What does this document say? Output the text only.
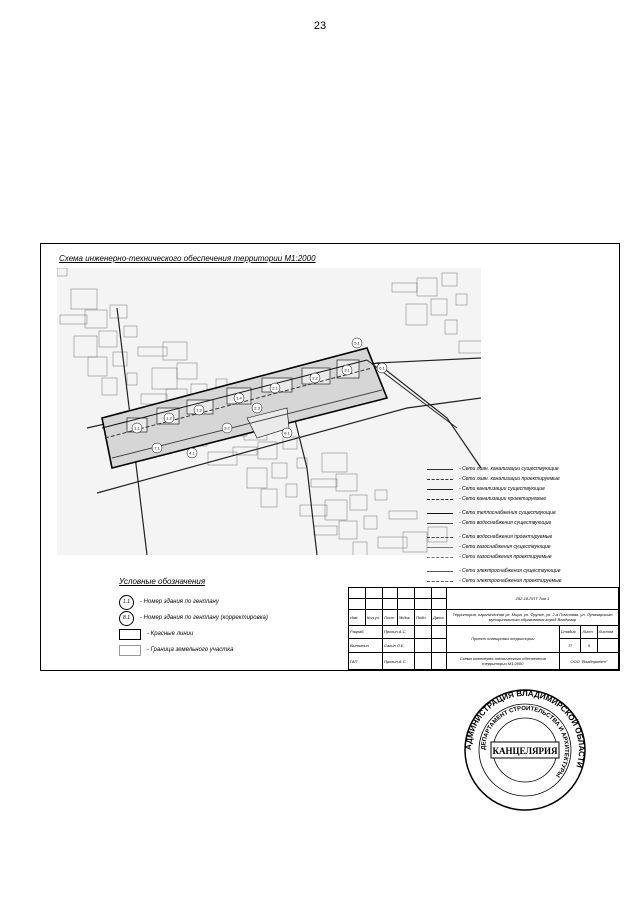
23
Схема инженерно-технического обеспечения территории М1:2000
1.1
1.2
1.3
1.4
2.1
2.2
3.1
4.1
5.1
6.1
7.1
8.1
2.3
3.2
- Сети ливн. канализации существующие
- Сети ливн. канализации проектируемые
- Сети канализации существующие
- Сети канализации проектируемые
- Сети теплоснабжения существующие
- Сети водоснабжения существующие
- Сети водоснабжения проектируемые
- Сети газоснабжения существующие
- Сети газоснабжения проектируемые
- Сети электроснабжения существующие
- Сети электроснабжения проектируемые
Условные обозначения
1.1	- Номер здания по генплану
8.1	- Номер здания по генплану (корректировка)
- Красные линии
- Граница земельного участка
						292-18-ППТ Том 1			

Изм.	Кол.уч.	Лист	№док.	Подп.	Дата	Территория, ограниченная ул. Мира, ул. Фрунзе, ул. 2-я Почтовая, ул. Луначарского муниципального образования город Владимир			
Разраб.		Прохин А.С.				Проект планировки территории	Стадия	Лист	Листов
Выполнил		Салин Л.Е.					П	5	
ГАП		Прохин А.С.				Схема инженерно-технического обеспечения территории М1:2000	ООО "Владпроект"		
АДМИНИСТРАЦИЯ ВЛАДИМИРСКОЙ ОБЛАСТИ
ДЕПАРТАМЕНТ СТРОИТЕЛЬСТВА И АРХИТЕКТУРЫ
КАНЦЕЛЯРИЯ
